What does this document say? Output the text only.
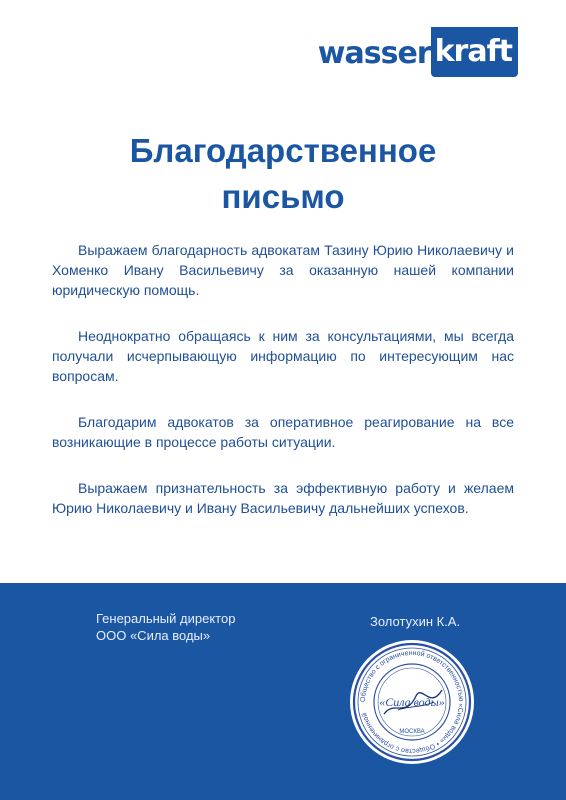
wasser kraft
Благодарственное
письмо

Выражаем благодарность адвокатам Тазину Юрию Николаевичу и Хоменко Ивану Васильевичу за оказанную нашей компании юридическую помощь.

Неоднократно обращаясь к ним за консультациями, мы всегда получали исчерпывающую информацию по интересующим нас вопросам.

Благодарим адвокатов за оперативное реагирование на все возникающие в процессе работы ситуации.

Выражаем признательность за эффективную работу и желаем Юрию Николаевичу и Ивану Васильевичу дальнейших успехов.

Генеральный директор
ООО «Сила воды»
Золотухин К.А.
Общество с ограниченной ответственностью «Сила воды» • Общество с ограниченной
«Сила воды»
МОСКВА
